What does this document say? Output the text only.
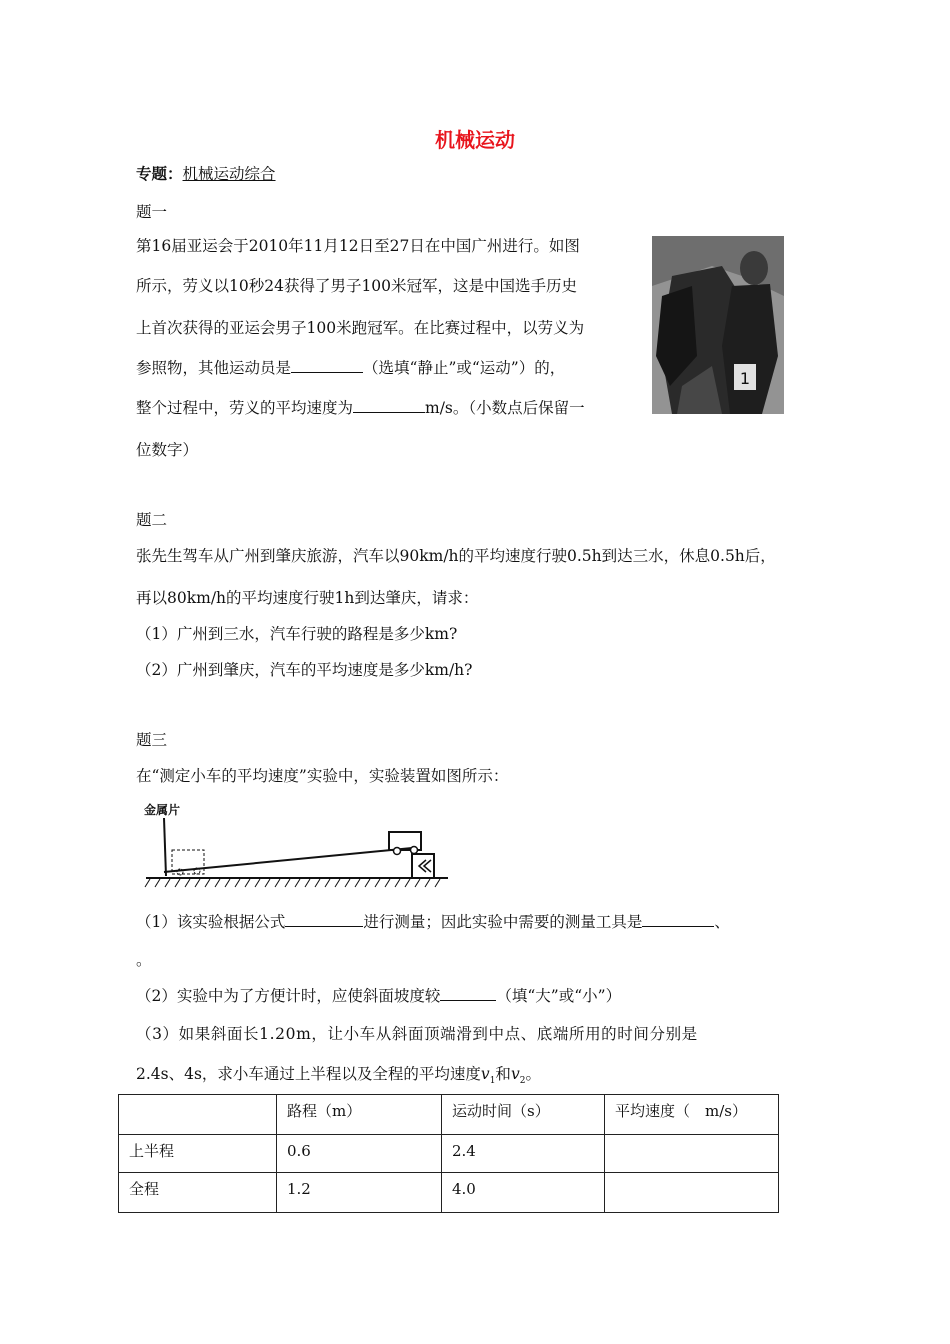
机械运动
专题：机械运动综合
题一
第16届亚运会于2010年11月12日至27日在中国广州进行。如图
所示，劳义以10秒24获得了男子100米冠军，这是中国选手历史
上首次获得的亚运会男子100米跑冠军。在比赛过程中，以劳义为
参照物，其他运动员是	（选填“静止”或“运动”）的，
整个过程中，劳义的平均速度为	m/s。（小数点后保留一
位数字）
1
题二
张先生驾车从广州到肇庆旅游，汽车以90km/h的平均速度行驶0.5h到达三水，休息0.5h后，
再以80km/h的平均速度行驶1h到达肇庆，请求：
（1）广州到三水，汽车行驶的路程是多少km?
（2）广州到肇庆，汽车的平均速度是多少km/h?
题三
在“测定小车的平均速度”实验中，实验装置如图所示：
金属片
（1）该实验根据公式	进行测量；因此实验中需要的测量工具是	、
。
（2）实验中为了方便计时，应使斜面坡度较	（填“大”或“小”）
（3）如果斜面长1.20m，让小车从斜面顶端滑到中点、底端所用的时间分别是
2.4s、4s，求小车通过上半程以及全程的平均速度$v_1$和$v_2$。
	路程（m）	运动时间（s）	平均速度（　m/s）
上半程	0.6	2.4	
全程	1.2	4.0	
